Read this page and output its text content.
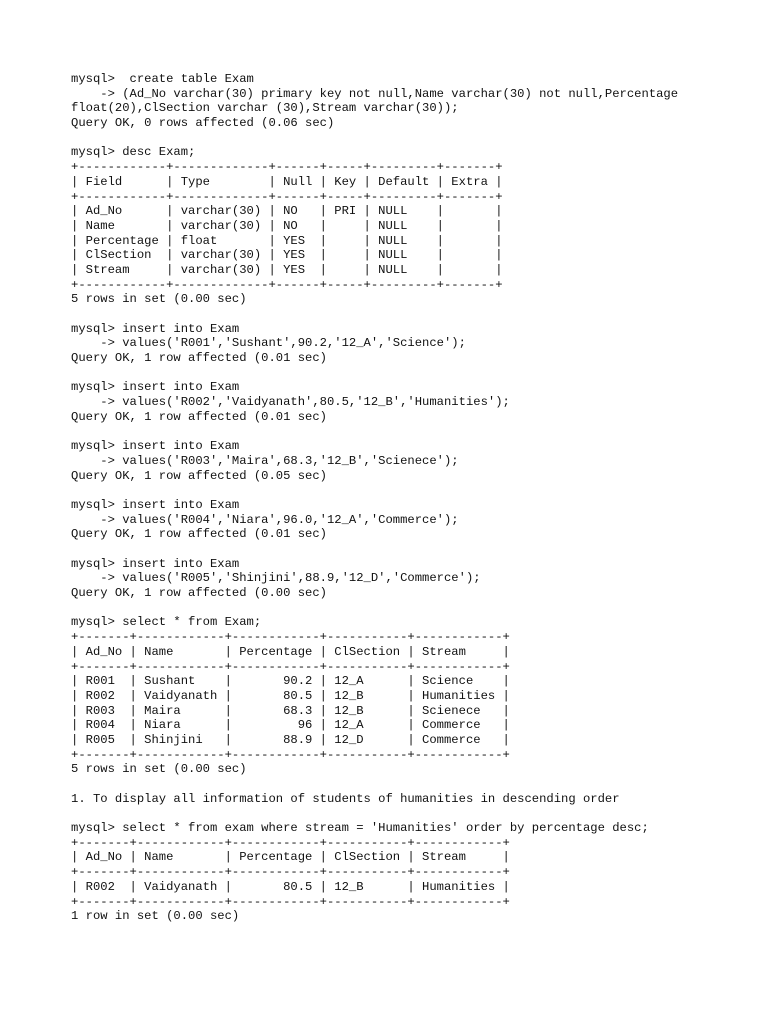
mysql>  create table Exam
-> (Ad_No varchar(30) primary key not null,Name varchar(30) not null,Percentage
float(20),ClSection varchar (30),Stream varchar(30));
Query OK, 0 rows affected (0.06 sec)
mysql> desc Exam;
+------------+-------------+------+-----+---------+-------+
| Field      | Type        | Null | Key | Default | Extra |
+------------+-------------+------+-----+---------+-------+
| Ad_No      | varchar(30) | NO   | PRI | NULL    |       |
| Name       | varchar(30) | NO   |     | NULL    |       |
| Percentage | float       | YES  |     | NULL    |       |
| ClSection  | varchar(30) | YES  |     | NULL    |       |
| Stream     | varchar(30) | YES  |     | NULL    |       |
+------------+-------------+------+-----+---------+-------+
5 rows in set (0.00 sec)
mysql> insert into Exam
-> values('R001','Sushant',90.2,'12_A','Science');
Query OK, 1 row affected (0.01 sec)
mysql> insert into Exam
-> values('R002','Vaidyanath',80.5,'12_B','Humanities');
Query OK, 1 row affected (0.01 sec)
mysql> insert into Exam
-> values('R003','Maira',68.3,'12_B','Scienece');
Query OK, 1 row affected (0.05 sec)
mysql> insert into Exam
-> values('R004','Niara',96.0,'12_A','Commerce');
Query OK, 1 row affected (0.01 sec)
mysql> insert into Exam
-> values('R005','Shinjini',88.9,'12_D','Commerce');
Query OK, 1 row affected (0.00 sec)
mysql> select * from Exam;
+-------+------------+------------+-----------+------------+
| Ad_No | Name       | Percentage | ClSection | Stream     |
+-------+------------+------------+-----------+------------+
| R001  | Sushant    |       90.2 | 12_A      | Science    |
| R002  | Vaidyanath |       80.5 | 12_B      | Humanities |
| R003  | Maira      |       68.3 | 12_B      | Scienece   |
| R004  | Niara      |         96 | 12_A      | Commerce   |
| R005  | Shinjini   |       88.9 | 12_D      | Commerce   |
+-------+------------+------------+-----------+------------+
5 rows in set (0.00 sec)
1. To display all information of students of humanities in descending order
mysql> select * from exam where stream = 'Humanities' order by percentage desc;
+-------+------------+------------+-----------+------------+
| Ad_No | Name       | Percentage | ClSection | Stream     |
+-------+------------+------------+-----------+------------+
| R002  | Vaidyanath |       80.5 | 12_B      | Humanities |
+-------+------------+------------+-----------+------------+
1 row in set (0.00 sec)
